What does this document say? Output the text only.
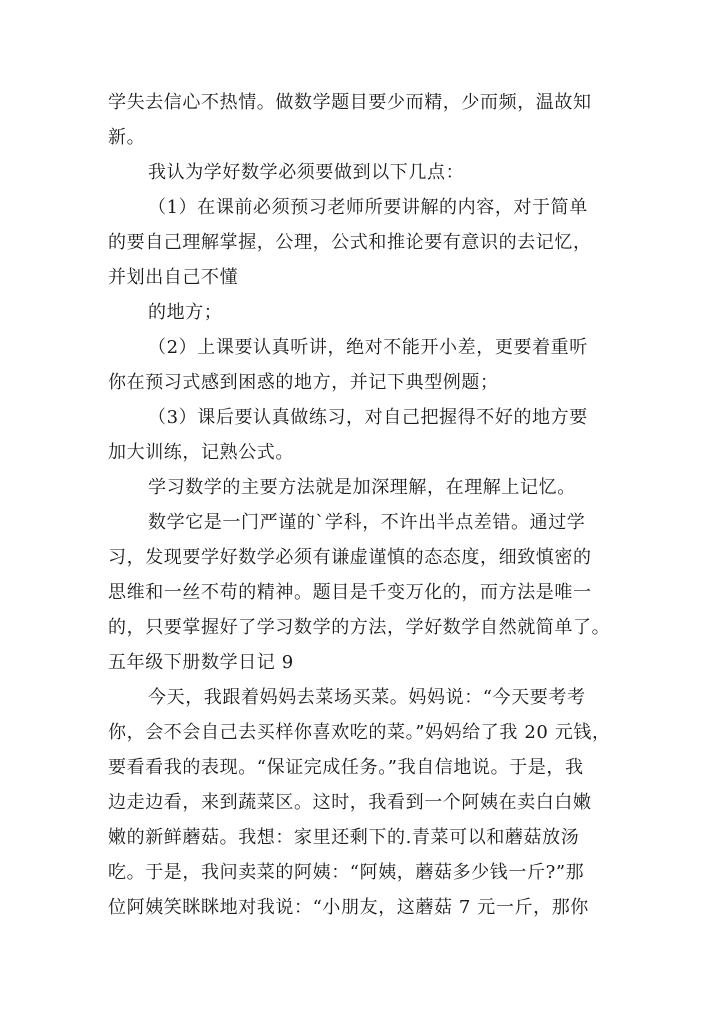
学失去信心不热情。做数学题目要少而精，少而频，温故知
新。
我认为学好数学必须要做到以下几点：
（1）在课前必须预习老师所要讲解的内容，对于简单
的要自己理解掌握，公理，公式和推论要有意识的去记忆，
并划出自己不懂
的地方；
（2）上课要认真听讲，绝对不能开小差，更要着重听
你在预习式感到困惑的地方，并记下典型例题；
（3）课后要认真做练习，对自己把握得不好的地方要
加大训练，记熟公式。
学习数学的主要方法就是加深理解，在理解上记忆。
数学它是一门严谨的`学科，不许出半点差错。通过学
习，发现要学好数学必须有谦虚谨慎的态态度，细致慎密的
思维和一丝不苟的精神。题目是千变万化的，而方法是唯一
的，只要掌握好了学习数学的方法，学好数学自然就简单了。
五年级下册数学日记 9
今天，我跟着妈妈去菜场买菜。妈妈说：“今天要考考
你，会不会自己去买样你喜欢吃的菜。”妈妈给了我 20 元钱，
要看看我的表现。“保证完成任务。”我自信地说。于是，我
边走边看，来到蔬菜区。这时，我看到一个阿姨在卖白白嫩
嫩的新鲜蘑菇。我想：家里还剩下的.青菜可以和蘑菇放汤
吃。于是，我问卖菜的阿姨：“阿姨，蘑菇多少钱一斤?”那
位阿姨笑眯眯地对我说：“小朋友，这蘑菇 7 元一斤，那你
